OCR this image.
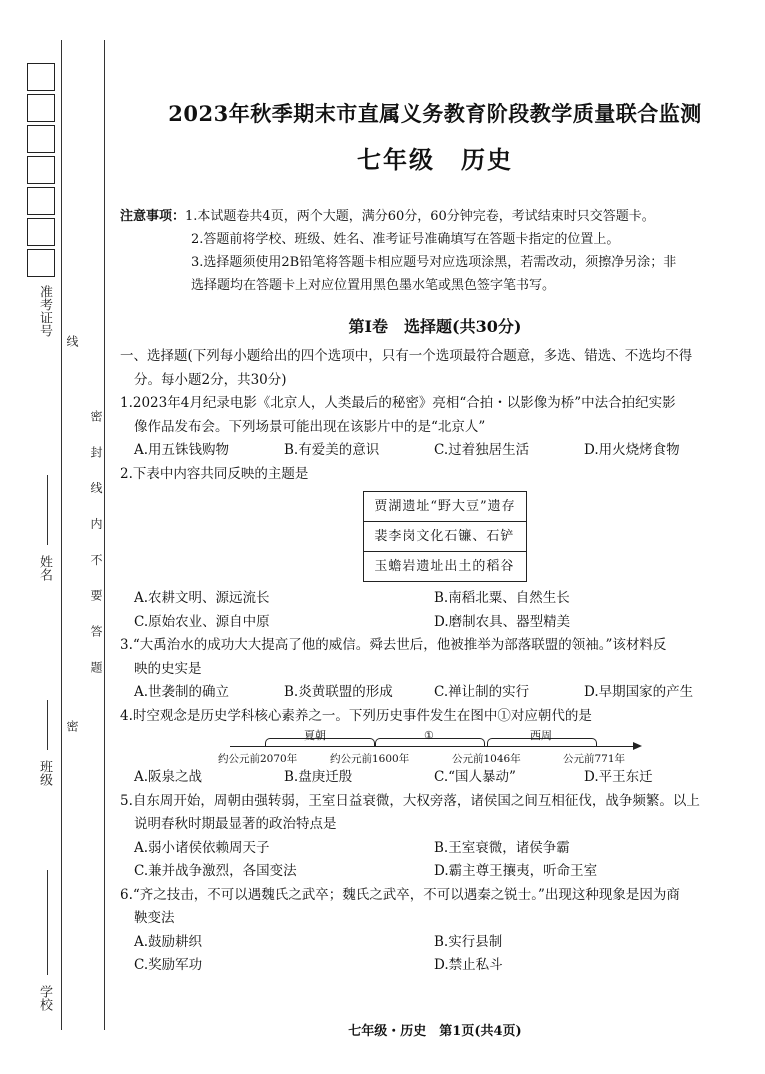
准考证号
姓名
班级
学校
线
密 封 线 内 不 要 答 题
密
2023年秋季期末市直属义务教育阶段教学质量联合监测
七年级　历史
注意事项：1.本试题卷共4页，两个大题，满分60分，60分钟完卷，考试结束时只交答题卡。
2.答题前将学校、班级、姓名、准考证号准确填写在答题卡指定的位置上。
3.选择题须使用2B铅笔将答题卡相应题号对应选项涂黑，若需改动，须擦净另涂；非
选择题均在答题卡上对应位置用黑色墨水笔或黑色签字笔书写。
第Ⅰ卷　选择题(共30分)
一、选择题(下列每小题给出的四个选项中，只有一个选项最符合题意，多选、错选、不选均不得
分。每小题2分，共30分)
1.2023年4月纪录电影《北京人，人类最后的秘密》亮相“合拍・以影像为桥”中法合拍纪实影
像作品发布会。下列场景可能出现在该影片中的是“北京人”
A.用五铢钱购物	B.有爱美的意识	C.过着独居生活	D.用火烧烤食物
2.下表中内容共同反映的主题是
贾湖遗址“野大豆”遗存
裴李岗文化石镰、石铲
玉蟾岩遗址出土的稻谷
A.农耕文明、源远流长	B.南稻北粟、自然生长
C.原始农业、源自中原	D.磨制农具、器型精美
3.“大禹治水的成功大大提高了他的威信。舜去世后，他被推举为部落联盟的领袖。”该材料反
映的史实是
A.世袭制的确立	B.炎黄联盟的形成	C.禅让制的实行	D.早期国家的产生
4.时空观念是历史学科核心素养之一。下列历史事件发生在图中①对应朝代的是
夏朝	①	西周
约公元前2070年	约公元前1600年	公元前1046年	公元前771年
A.阪泉之战	B.盘庚迁殷	C.“国人暴动”	D.平王东迁
5.自东周开始，周朝由强转弱，王室日益衰微，大权旁落，诸侯国之间互相征伐，战争频繁。以上
说明春秋时期最显著的政治特点是
A.弱小诸侯依赖周天子	B.王室衰微，诸侯争霸
C.兼并战争激烈，各国变法	D.霸主尊王攘夷，听命王室
6.“齐之技击，不可以遇魏氏之武卒；魏氏之武卒，不可以遇秦之锐士。”出现这种现象是因为商
鞅变法
A.鼓励耕织	B.实行县制
C.奖励军功	D.禁止私斗
七年级・历史　第1页(共4页)
